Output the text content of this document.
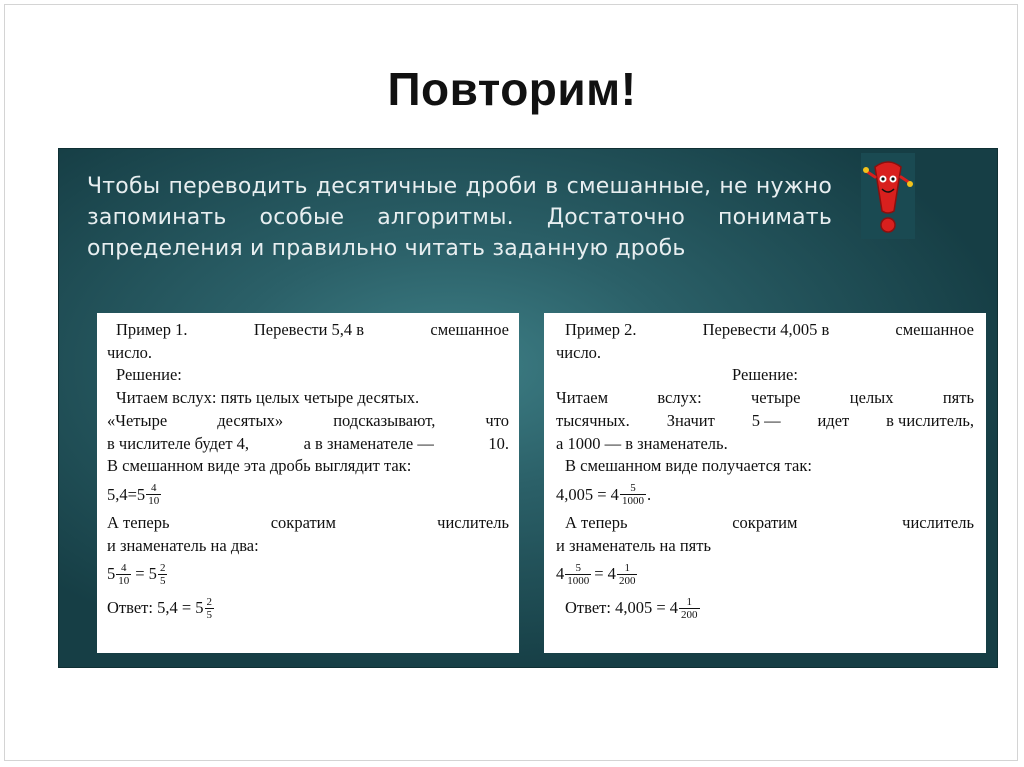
Повторим!
Чтобы переводить десятичные дроби в смешанные, не нужно запоминать особые алгоритмы. Достаточно понимать определения и правильно читать заданную дробь
Пример 1.	Перевести 5,4 в	смешанное
число.
Решение:
Читаем вслух: пять целых четыре десятых.
«Четыре	десятых»	подсказывают,	что
в числителе будет 4,	а в знаменателе —	10.
В смешанном виде эта дробь выглядит так:
$5,4=5 \frac{4}{10}$
А теперь	сократим	числитель
и знаменатель на два:
$5 \frac{4}{10} = 5 \frac{2}{5}$
Ответ: $5,4 = 5 \frac{2}{5}$
Пример 2.	Перевести 4,005 в	смешанное
число.
Решение:
Читаем	вслух:	четыре	целых	пять
тысячных. Значит 5 — идет в числитель,
а 1000 — в знаменатель.
В смешанном виде получается так:
$4,005 = 4 \frac{5}{1000}$ .
А теперь	сократим	числитель
и знаменатель на пять
$4 \frac{5}{1000} = 4 \frac{1}{200}$
Ответ: $4,005 = 4 \frac{1}{200}$
